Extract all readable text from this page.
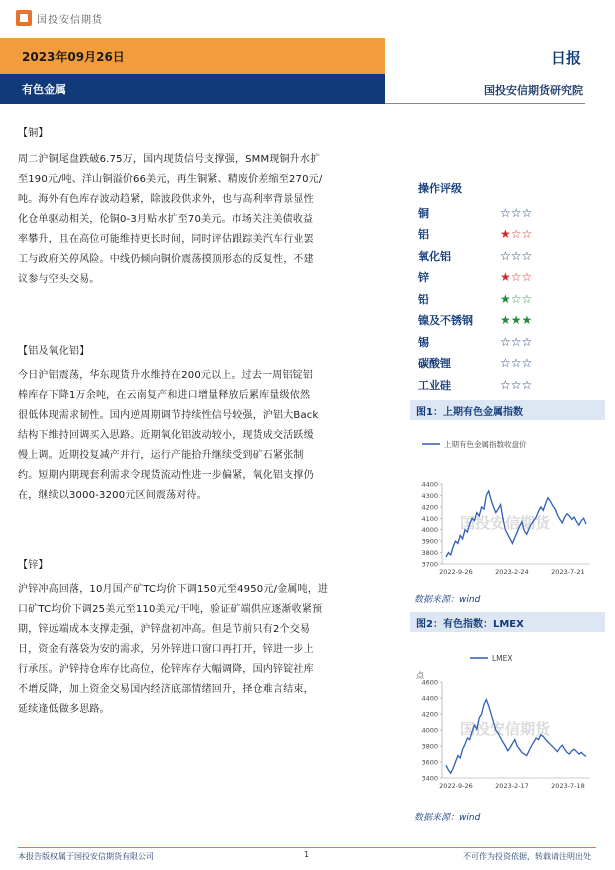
国投安信期货
2023年09月26日
有色金属
日报
国投安信期货研究院
【铜】
周二沪铜尾盘跌破6.75万，国内现货信号支撑强，SMM现铜升水扩
至190元/吨、洋山铜溢价66美元，再生铜紧、精废价差缩至270元/
吨。海外有色库存波动趋紧，除波段供求外，也与高利率背景显性
化仓单驱动相关，伦铜0-3月贴水扩至70美元。市场关注美债收益
率攀升，且在高位可能维持更长时间，同时评估跟踪美汽车行业罢
工与政府关停风险。中线仍倾向铜价震荡摸顶形态的反复性，不建
议参与空头交易。
【铝及氧化铝】
今日沪铝震荡，华东现货升水维持在200元以上。过去一周铝锭铝
棒库存下降1万余吨，在云南复产和进口增量释放后累库量级依然
很低体现需求韧性。国内逆周期调节持续性信号较强，沪铝大Back
结构下维持回调买入思路。近期氧化铝波动较小，现货成交活跃缓
慢上调。近期投复减产并行，运行产能拾升继续受到矿石紧张制
约。短期内期现套利需求令现货流动性进一步偏紧，氧化铝支撑仍
在，继续以3000-3200元区间震荡对待。
【锌】
沪锌冲高回落，10月国产矿TC均价下调150元至4950元/金属吨，进
口矿TC均价下调25美元至110美元/干吨，验证矿端供应逐渐收紧预
期，锌远端成本支撑走强，沪锌盘初冲高。但是节前只有2个交易
日，资金有落袋为安的需求，另外锌进口窗口再打开，锌进一步上
行承压。沪锌持仓库存比高位，伦锌库存大幅调降，国内锌锭社库
不增反降，加上资金交易国内经济底部情绪回升，择仓难言结束，
延续逢低做多思路。
操作评级
铜	☆☆☆
铝	★☆☆
氧化铝	☆☆☆
锌	★☆☆
铅	★☆☆
镍及不锈钢	★★★
锡	☆☆☆
碳酸锂	☆☆☆
工业硅	☆☆☆
图1：上期有色金属指数
上期有色金属指数收盘价
国投安信期货
3700
3800
3900
4000
4100
4200
4300
4400
2022-9-26	2023-2-24	2023-7-21
数据来源：wind
图2：有色指数：LMEX
LMEX
点
国投安信期货
3400
3600
3800
4000
4200
4400
4600
2022-9-26	2023-2-17	2023-7-18
数据来源：wind
本报告版权属于国投安信期货有限公司	1	不可作为投资依据，转载请注明出处
